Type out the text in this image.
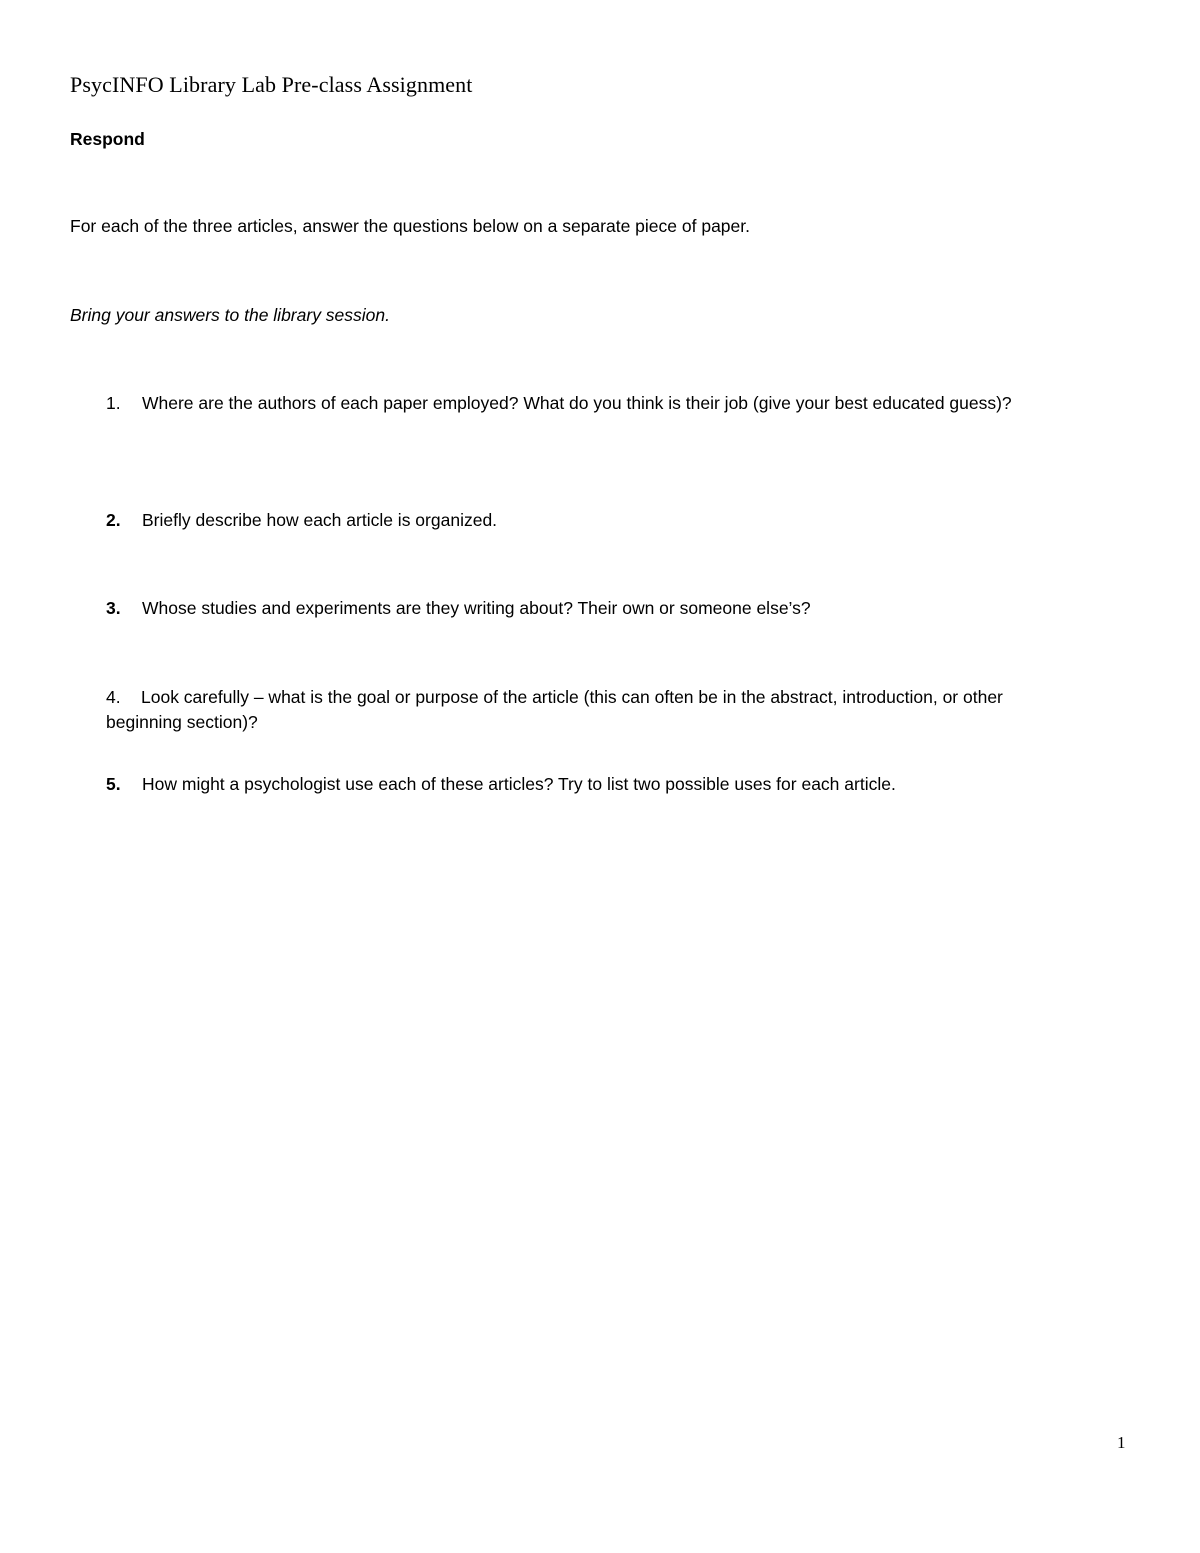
PsycINFO Library Lab Pre-class Assignment
Respond
For each of the three articles, answer the questions below on a separate piece of paper.
Bring your answers to the library session.
1.	Where are the authors of each paper employed? What do you think is their job (give your best educated guess)?
2.	Briefly describe how each article is organized.
3.	Whose studies and experiments are they writing about? Their own or someone else’s?
4. Look carefully – what is the goal or purpose of the article (this can often be in the abstract, introduction, or other
beginning section)?
5.	How might a psychologist use each of these articles? Try to list two possible uses for each article.
1
